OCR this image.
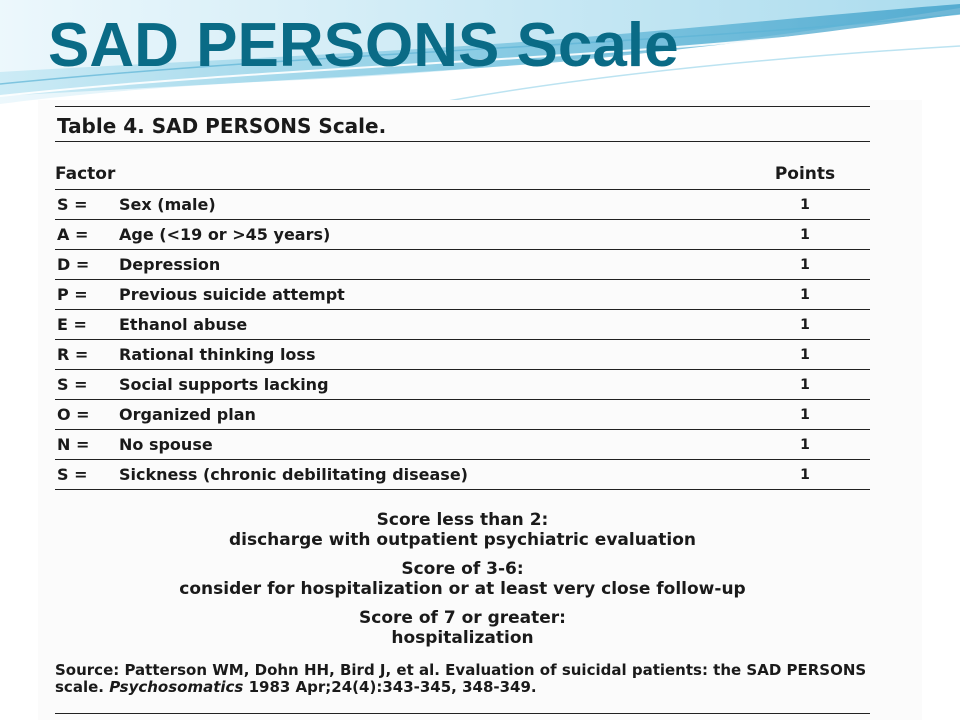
SAD PERSONS Scale
Table 4. SAD PERSONS Scale.
Factor		Points
S =	Sex (male)	1
A =	Age (<19 or >45 years)	1
D =	Depression	1
P =	Previous suicide attempt	1
E =	Ethanol abuse	1
R =	Rational thinking loss	1
S =	Social supports lacking	1
O =	Organized plan	1
N =	No spouse	1
S =	Sickness (chronic debilitating disease)	1
Score less than 2:
discharge with outpatient psychiatric evaluation
Score of 3-6:
consider for hospitalization or at least very close follow-up
Score of 7 or greater:
hospitalization
Source: Patterson WM, Dohn HH, Bird J, et al. Evaluation of suicidal patients: the SAD PERSONS scale. Psychosomatics 1983 Apr;24(4):343-345, 348-349.
